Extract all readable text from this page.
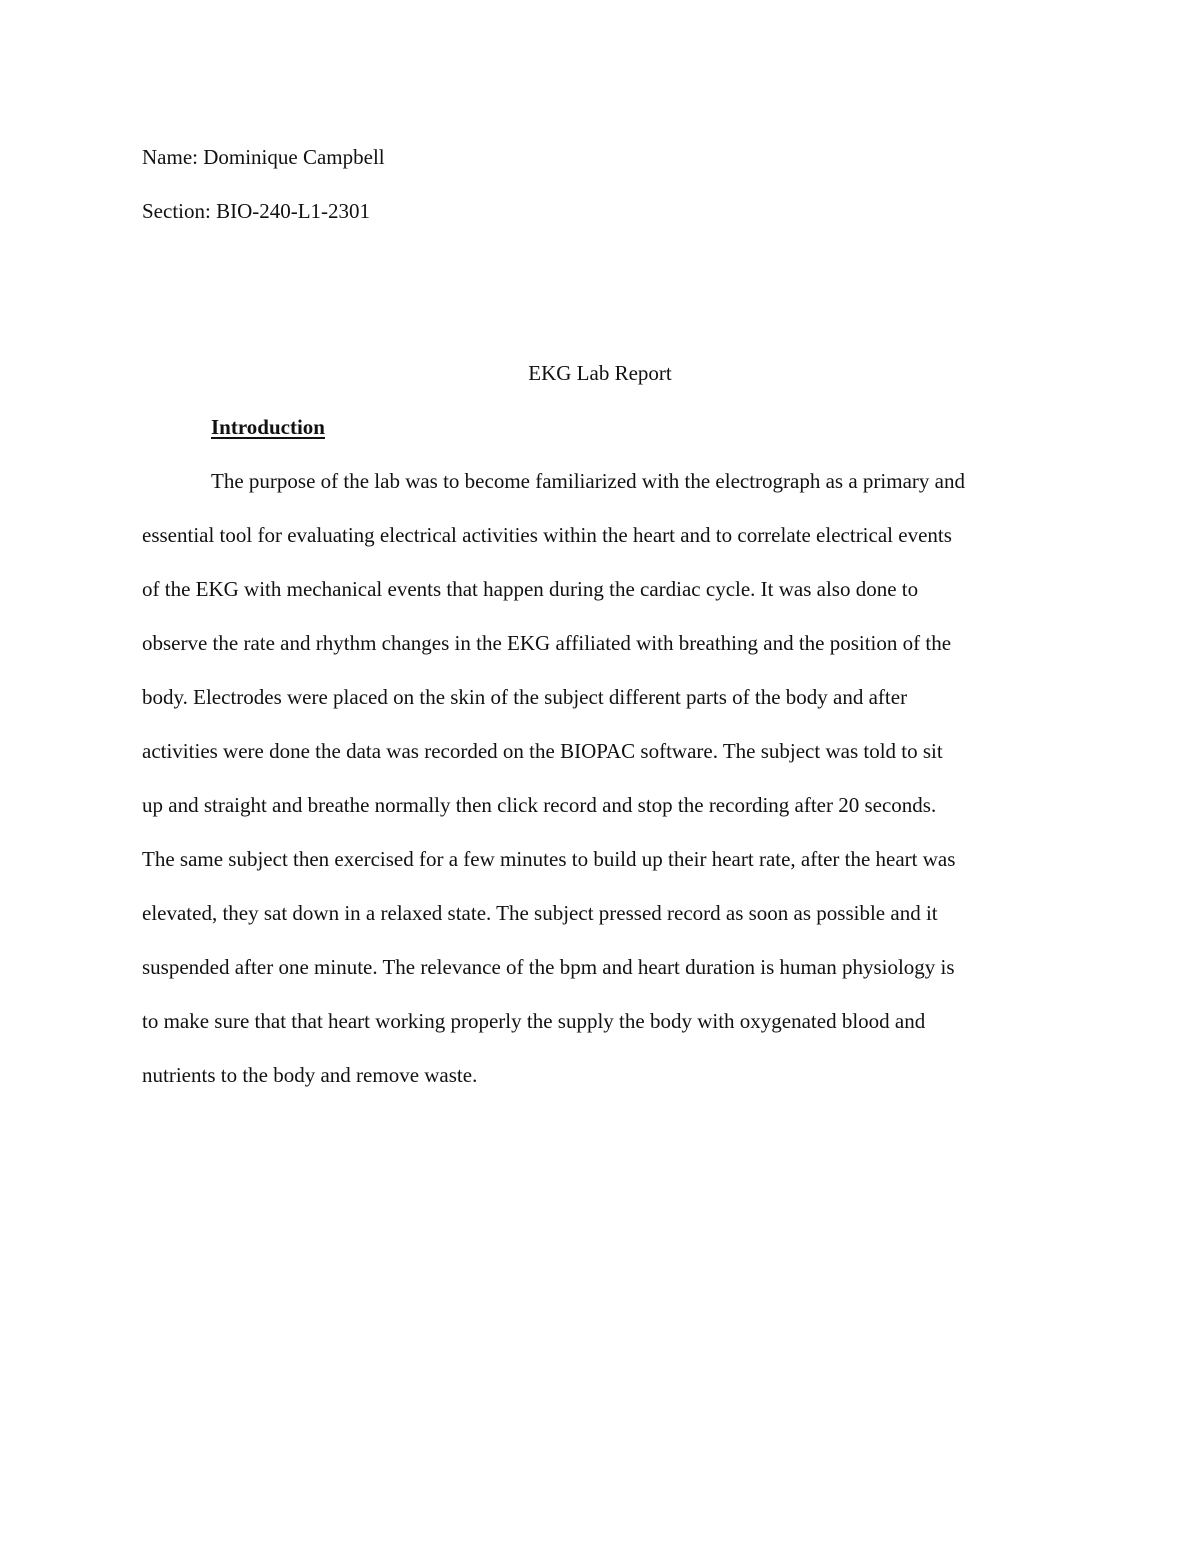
Name: Dominique Campbell
Section: BIO-240-L1-2301
EKG Lab Report
Introduction
The purpose of the lab was to become familiarized with the electrograph as a primary and
essential tool for evaluating electrical activities within the heart and to correlate electrical events
of the EKG with mechanical events that happen during the cardiac cycle. It was also done to
observe the rate and rhythm changes in the EKG affiliated with breathing and the position of the
body. Electrodes were placed on the skin of the subject different parts of the body and after
activities were done the data was recorded on the BIOPAC software. The subject was told to sit
up and straight and breathe normally then click record and stop the recording after 20 seconds.
The same subject then exercised for a few minutes to build up their heart rate, after the heart was
elevated, they sat down in a relaxed state. The subject pressed record as soon as possible and it
suspended after one minute. The relevance of the bpm and heart duration is human physiology is
to make sure that that heart working properly the supply the body with oxygenated blood and
nutrients to the body and remove waste.
